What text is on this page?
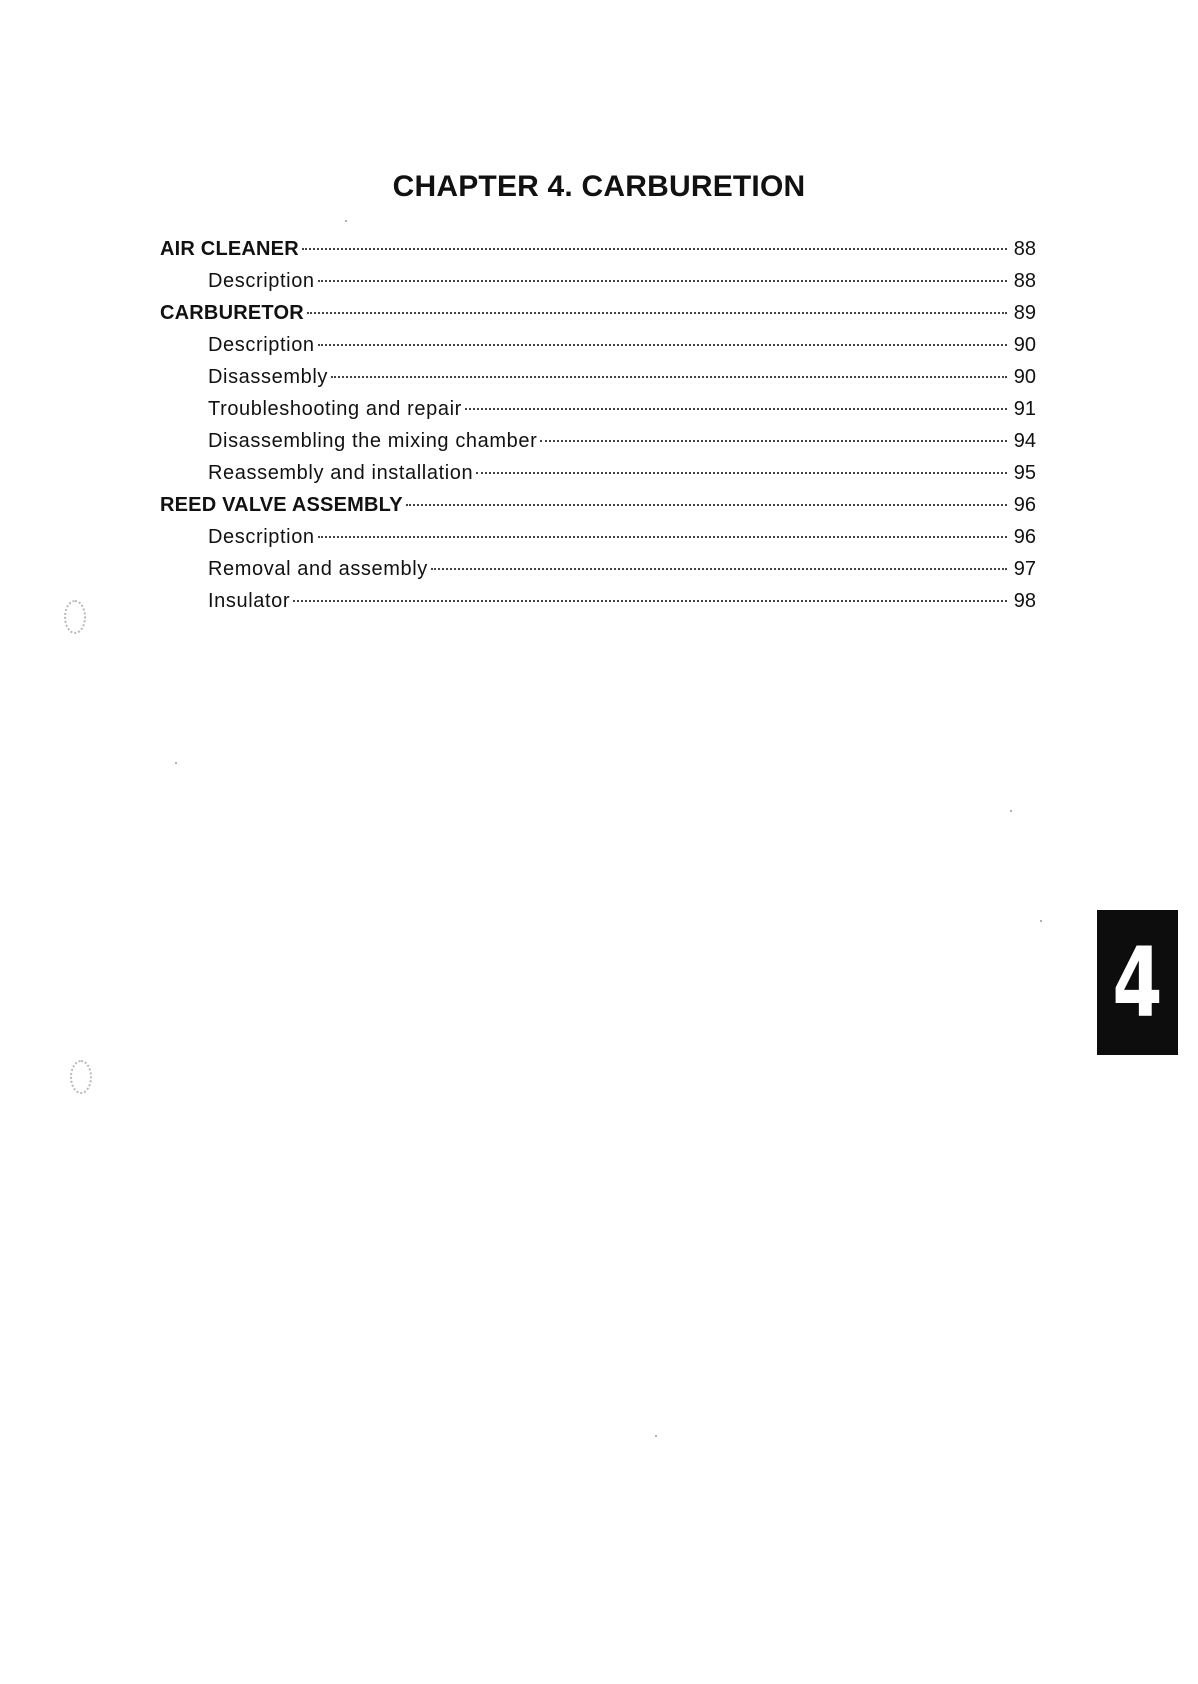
CHAPTER 4. CARBURETION
AIR CLEANER	88
Description	88
CARBURETOR	89
Description	90
Disassembly	90
Troubleshooting and repair	91
Disassembling the mixing chamber	94
Reassembly and installation	95
REED VALVE ASSEMBLY	96
Description	96
Removal and assembly	97
Insulator	98
4
